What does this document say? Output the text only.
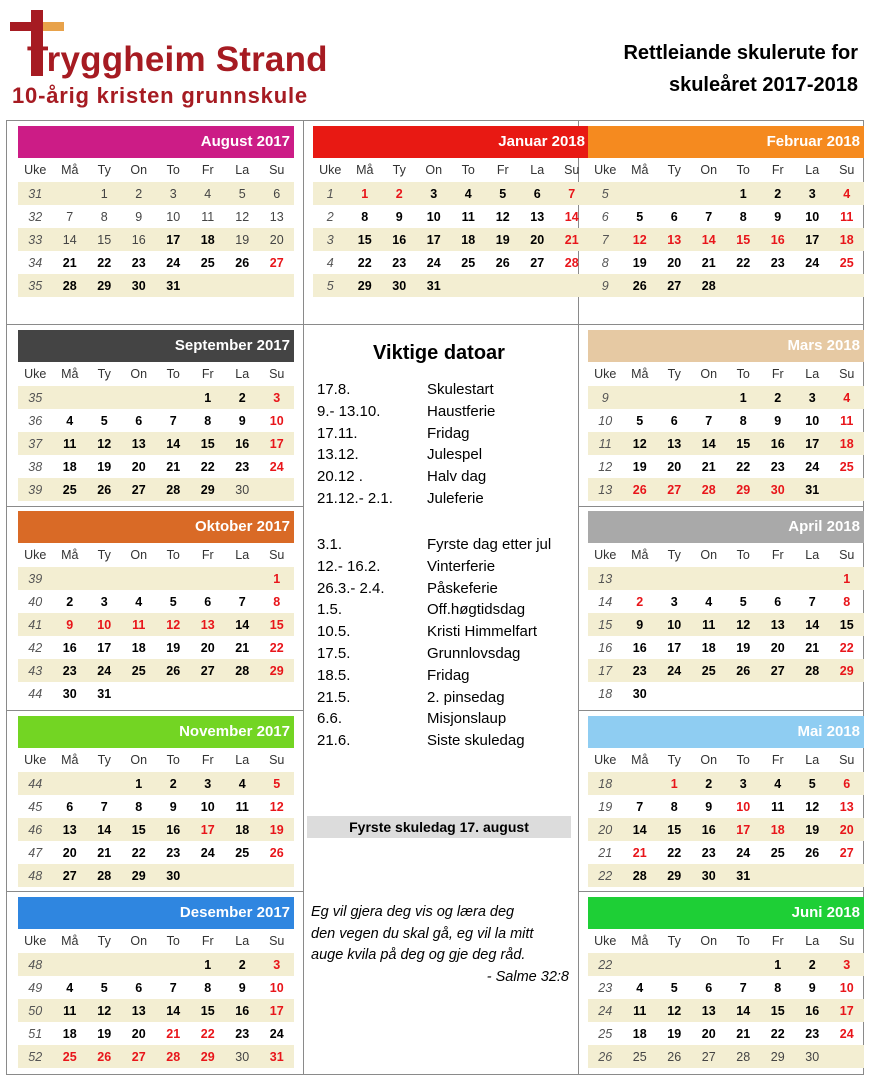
Tryggheim Strand
10-årig kristen grunnskule
Rettleiande skulerute for
skuleåret 2017-2018
August 2017
Uke	Må	Ty	On	To	Fr	La	Su
31		1	2	3	4	5	6
32	7	8	9	10	11	12	13
33	14	15	16	17	18	19	20
34	21	22	23	24	25	26	27
35	28	29	30	31			
Januar 2018
Uke	Må	Ty	On	To	Fr	La	Su
1	1	2	3	4	5	6	7
2	8	9	10	11	12	13	14
3	15	16	17	18	19	20	21
4	22	23	24	25	26	27	28
5	29	30	31				
Februar 2018
Uke	Må	Ty	On	To	Fr	La	Su
5				1	2	3	4
6	5	6	7	8	9	10	11
7	12	13	14	15	16	17	18
8	19	20	21	22	23	24	25
9	26	27	28				
September 2017
Uke	Må	Ty	On	To	Fr	La	Su
35					1	2	3
36	4	5	6	7	8	9	10
37	11	12	13	14	15	16	17
38	18	19	20	21	22	23	24
39	25	26	27	28	29	30	
Mars 2018
Uke	Må	Ty	On	To	Fr	La	Su
9				1	2	3	4
10	5	6	7	8	9	10	11
11	12	13	14	15	16	17	18
12	19	20	21	22	23	24	25
13	26	27	28	29	30	31	
Oktober 2017
Uke	Må	Ty	On	To	Fr	La	Su
39							1
40	2	3	4	5	6	7	8
41	9	10	11	12	13	14	15
42	16	17	18	19	20	21	22
43	23	24	25	26	27	28	29
44	30	31					
April 2018
Uke	Må	Ty	On	To	Fr	La	Su
13							1
14	2	3	4	5	6	7	8
15	9	10	11	12	13	14	15
16	16	17	18	19	20	21	22
17	23	24	25	26	27	28	29
18	30						
November 2017
Uke	Må	Ty	On	To	Fr	La	Su
44			1	2	3	4	5
45	6	7	8	9	10	11	12
46	13	14	15	16	17	18	19
47	20	21	22	23	24	25	26
48	27	28	29	30			
Mai 2018
Uke	Må	Ty	On	To	Fr	La	Su
18		1	2	3	4	5	6
19	7	8	9	10	11	12	13
20	14	15	16	17	18	19	20
21	21	22	23	24	25	26	27
22	28	29	30	31			
Desember 2017
Uke	Må	Ty	On	To	Fr	La	Su
48					1	2	3
49	4	5	6	7	8	9	10
50	11	12	13	14	15	16	17
51	18	19	20	21	22	23	24
52	25	26	27	28	29	30	31
Juni 2018
Uke	Må	Ty	On	To	Fr	La	Su
22					1	2	3
23	4	5	6	7	8	9	10
24	11	12	13	14	15	16	17
25	18	19	20	21	22	23	24
26	25	26	27	28	29	30	
Viktige datoar
17.8.	Skulestart
9.- 13.10.	Haustferie
17.11.	Fridag
13.12.	Julespel
20.12 .	Halv dag
21.12.- 2.1. Juleferie
3.1.	Fyrste dag etter jul
12.- 16.2.	Vinterferie
26.3.- 2.4.	Påskeferie
1.5.	Off.høgtidsdag
10.5.	Kristi Himmelfart
17.5.	Grunnlovsdag
18.5.	Fridag
21.5.	2. pinsedag
6.6.	Misjonslaup
21.6.	Siste skuledag
Fyrste skuledag 17. august
Eg vil gjera deg vis og læra deg
den vegen du skal gå, eg vil la mitt
auge kvila på deg og gje deg råd.
- Salme 32:8
